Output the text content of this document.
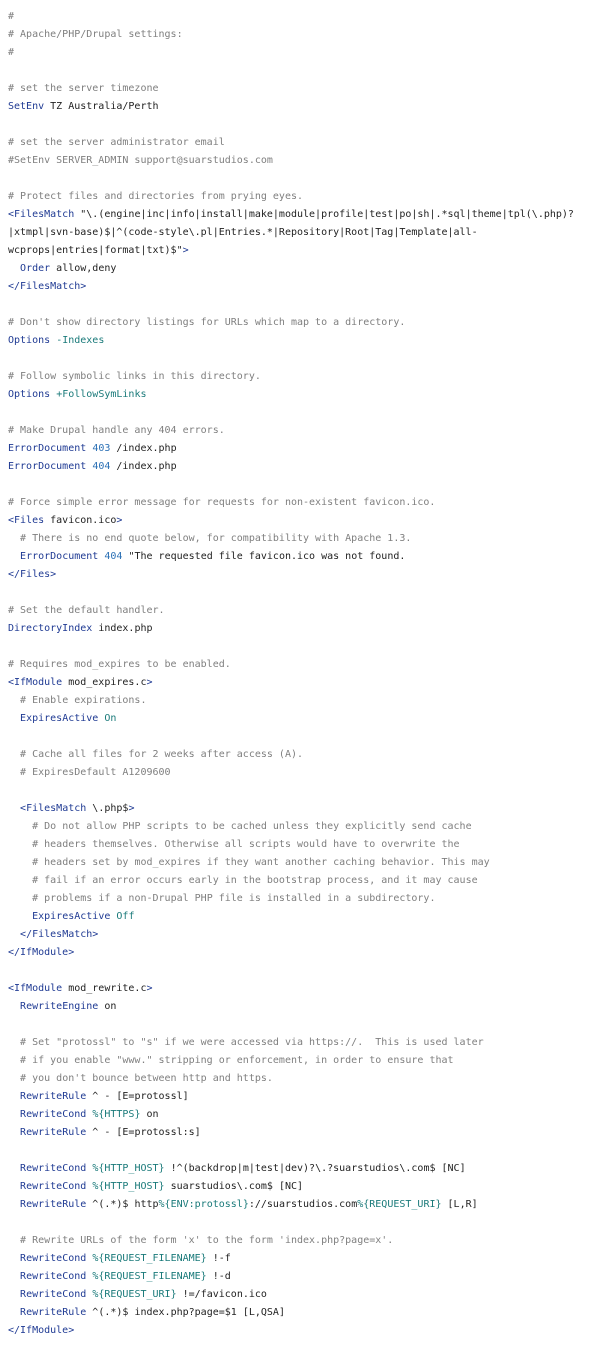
#
# Apache/PHP/Drupal settings:
#

# set the server timezone
SetEnv TZ Australia/Perth

# set the server administrator email
#SetEnv SERVER_ADMIN support@suarstudios.com

# Protect files and directories from prying eyes.
<FilesMatch "\.(engine|inc|info|install|make|module|profile|test|po|sh|.*sql|theme|tpl(\.php)?
|xtmpl|svn-base)$|^(code-style\.pl|Entries.*|Repository|Root|Tag|Template|all-
wcprops|entries|format|txt)$">
Order allow,deny
</FilesMatch>

# Don't show directory listings for URLs which map to a directory.
Options -Indexes

# Follow symbolic links in this directory.
Options +FollowSymLinks

# Make Drupal handle any 404 errors.
ErrorDocument 403 /index.php
ErrorDocument 404 /index.php

# Force simple error message for requests for non-existent favicon.ico.
<Files favicon.ico>
# There is no end quote below, for compatibility with Apache 1.3.
ErrorDocument 404 "The requested file favicon.ico was not found.
</Files>

# Set the default handler.
DirectoryIndex index.php

# Requires mod_expires to be enabled.
<IfModule mod_expires.c>
# Enable expirations.
ExpiresActive On

# Cache all files for 2 weeks after access (A).
# ExpiresDefault A1209600

<FilesMatch \.php$>
# Do not allow PHP scripts to be cached unless they explicitly send cache
# headers themselves. Otherwise all scripts would have to overwrite the
# headers set by mod_expires if they want another caching behavior. This may
# fail if an error occurs early in the bootstrap process, and it may cause
# problems if a non-Drupal PHP file is installed in a subdirectory.
ExpiresActive Off
</FilesMatch>
</IfModule>

<IfModule mod_rewrite.c>
RewriteEngine on

# Set "protossl" to "s" if we were accessed via https://.  This is used later
# if you enable "www." stripping or enforcement, in order to ensure that
# you don't bounce between http and https.
RewriteRule ^ - [E=protossl]
RewriteCond %{HTTPS} on
RewriteRule ^ - [E=protossl:s]

RewriteCond %{HTTP_HOST} !^(backdrop|m|test|dev)?\.?suarstudios\.com$ [NC]
RewriteCond %{HTTP_HOST} suarstudios\.com$ [NC]
RewriteRule ^(.*)$ http%{ENV:protossl}://suarstudios.com%{REQUEST_URI} [L,R]

# Rewrite URLs of the form 'x' to the form 'index.php?page=x'.
RewriteCond %{REQUEST_FILENAME} !-f
RewriteCond %{REQUEST_FILENAME} !-d
RewriteCond %{REQUEST_URI} !=/favicon.ico
RewriteRule ^(.*)$ index.php?page=$1 [L,QSA]
</IfModule>
